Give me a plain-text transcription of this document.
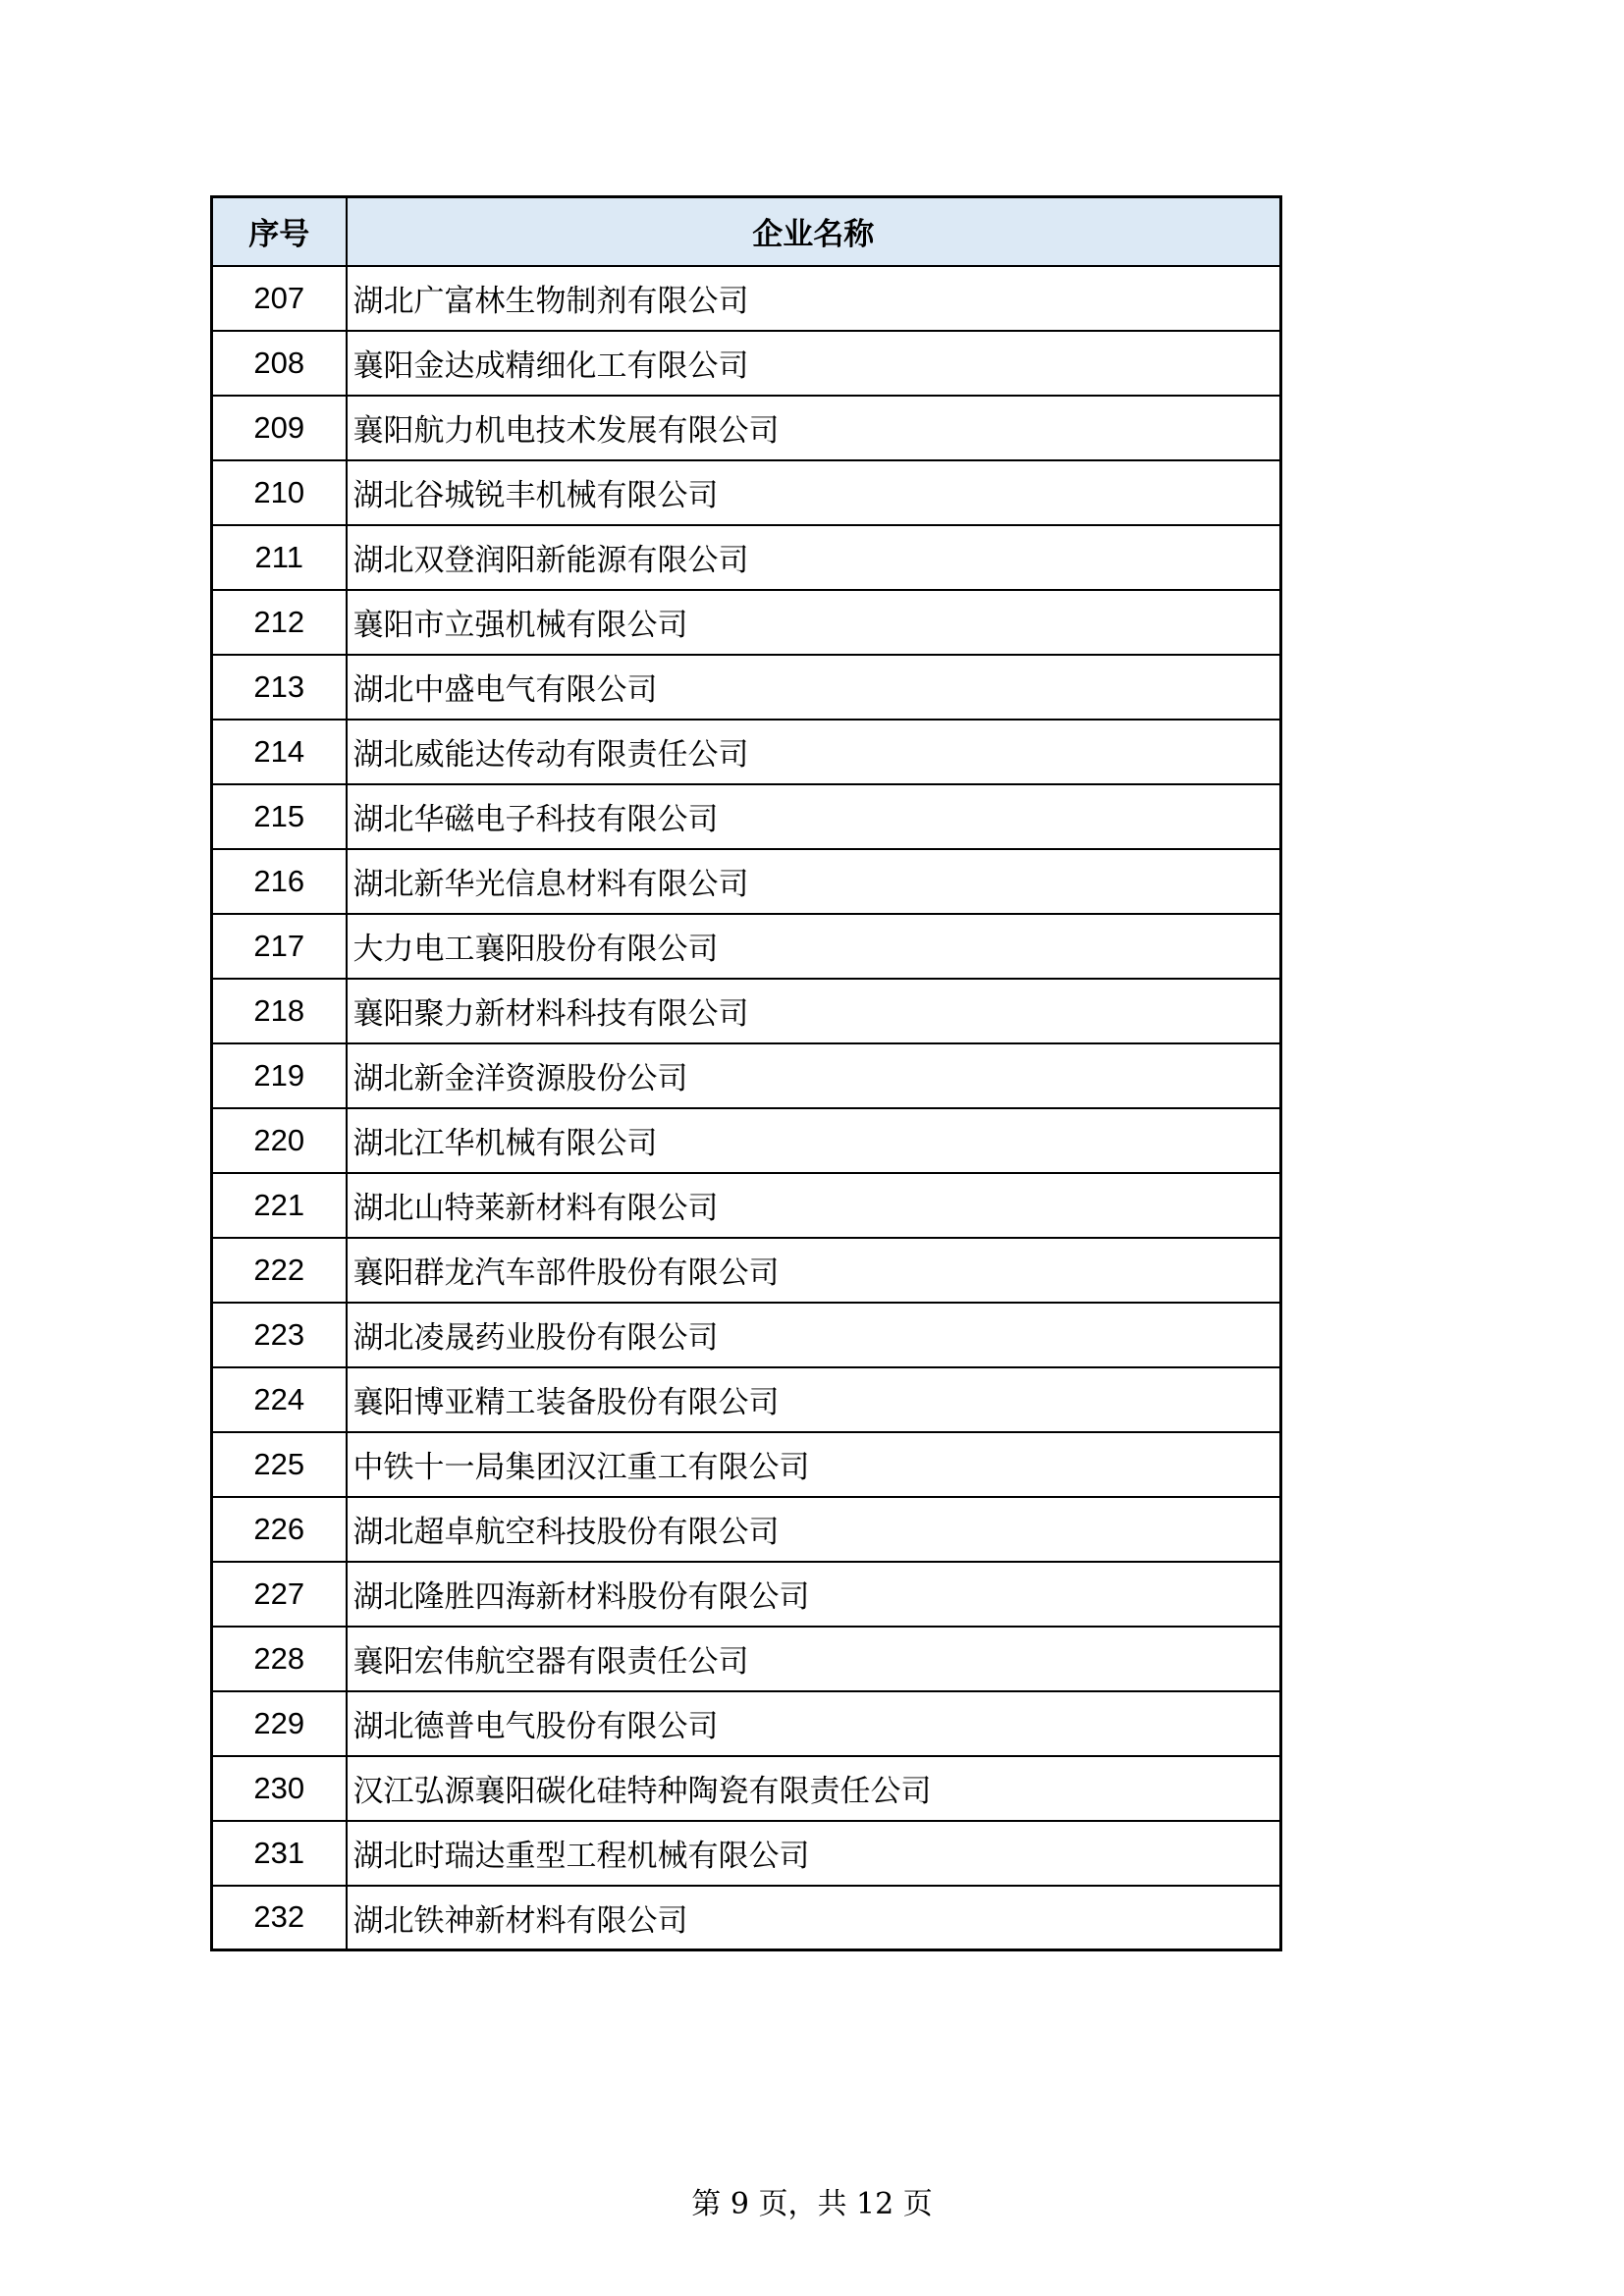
序号	企业名称
207	湖北广富林生物制剂有限公司
208	襄阳金达成精细化工有限公司
209	襄阳航力机电技术发展有限公司
210	湖北谷城锐丰机械有限公司
211	湖北双登润阳新能源有限公司
212	襄阳市立强机械有限公司
213	湖北中盛电气有限公司
214	湖北威能达传动有限责任公司
215	湖北华磁电子科技有限公司
216	湖北新华光信息材料有限公司
217	大力电工襄阳股份有限公司
218	襄阳聚力新材料科技有限公司
219	湖北新金洋资源股份公司
220	湖北江华机械有限公司
221	湖北山特莱新材料有限公司
222	襄阳群龙汽车部件股份有限公司
223	湖北凌晟药业股份有限公司
224	襄阳博亚精工装备股份有限公司
225	中铁十一局集团汉江重工有限公司
226	湖北超卓航空科技股份有限公司
227	湖北隆胜四海新材料股份有限公司
228	襄阳宏伟航空器有限责任公司
229	湖北德普电气股份有限公司
230	汉江弘源襄阳碳化硅特种陶瓷有限责任公司
231	湖北时瑞达重型工程机械有限公司
232	湖北铁神新材料有限公司
第 9 页，共 12 页
